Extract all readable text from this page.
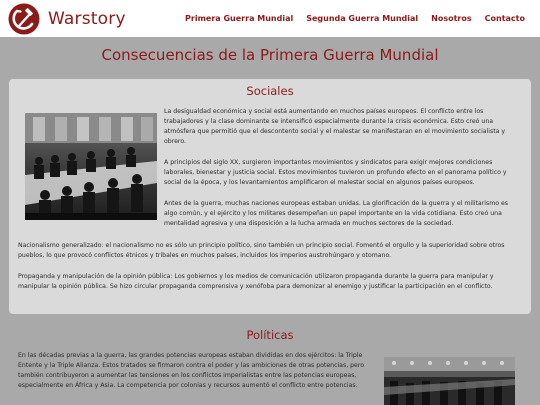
Warstory	Primera Guerra Mundial Segunda Guerra Mundial Nosotros Contacto
Consecuencias de la Primera Guerra Mundial
Sociales

La desigualdad económica y social está aumentando en muchos países europeos. El conflicto entre los trabajadores y la clase dominante se intensificó especialmente durante la crisis económica. Esto creó una atmósfera que permitió que el descontento social y el malestar se manifestaran en el movimiento socialista y obrero.

A principios del siglo XX, surgieron importantes movimientos y sindicatos para exigir mejores condiciones laborales, bienestar y justicia social. Estos movimientos tuvieron un profundo efecto en el panorama político y social de la época, y los levantamientos amplificaron el malestar social en algunos países europeos.

Antes de la guerra, muchas naciones europeas estaban unidas. La glorificación de la guerra y el militarismo es algo común, y el ejército y los militares desempeñan un papel importante en la vida cotidiana. Esto creó una mentalidad agresiva y una disposición a la lucha armada en muchos sectores de la sociedad.

Nacionalismo generalizado: el nacionalismo no es sólo un principio político, sino también un principio social. Fomentó el orgullo y la superioridad sobre otros pueblos, lo que provocó conflictos étnicos y tribales en muchos países, incluidos los imperios austrohúngaro y otomano.

Propaganda y manipulación de la opinión pública: Los gobiernos y los medios de comunicación utilizaron propaganda durante la guerra para manipular y manipular la opinión pública. Se hizo circular propaganda comprensiva y xenófoba para demonizar al enemigo y justificar la participación en el conflicto.

Políticas

En las décadas previas a la guerra, las grandes potencias europeas estaban divididas en dos ejércitos: la Triple Entente y la Triple Alianza. Estos tratados se firmaron contra el poder y las ambiciones de otras potencias, pero también contribuyeron a aumentar las tensiones en los conflictos imperialistas entre las potencias europeas, especialmente en África y Asia. La competencia por colonias y recursos aumentó el conflicto entre potencias.
